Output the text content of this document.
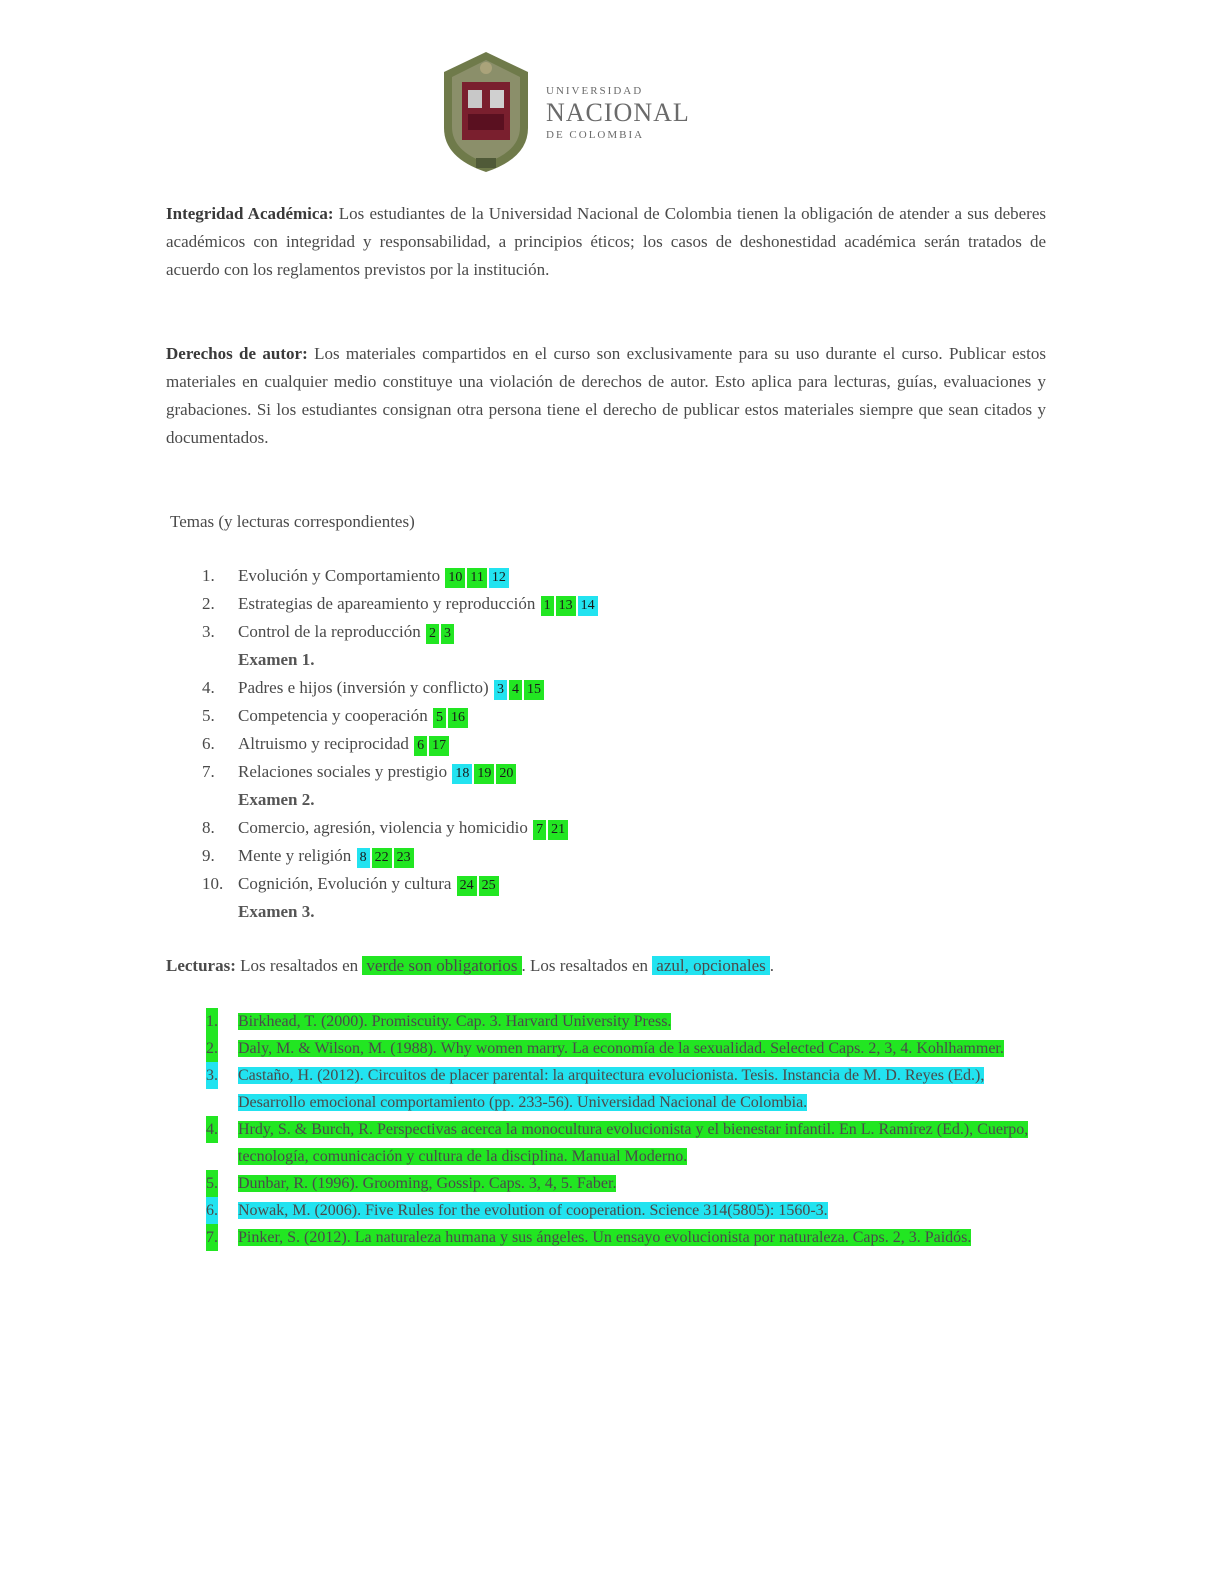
UNIVERSIDAD
NACIONAL
DE COLOMBIA

Integridad Académica: Los estudiantes de la Universidad Nacional de Colombia tienen la obligación de atender a sus deberes académicos con integridad y responsabilidad, a principios éticos; los casos de deshonestidad académica serán tratados de acuerdo con los reglamentos previstos por la institución.

Derechos de autor: Los materiales compartidos en el curso son exclusivamente para su uso durante el curso. Publicar estos materiales en cualquier medio constituye una violación de derechos de autor. Esto aplica para lecturas, guías, evaluaciones y grabaciones. Si los estudiantes consignan otra persona tiene el derecho de publicar estos materiales siempre que sean citados y documentados.

Temas (y lecturas correspondientes)

1.	Evolución y Comportamiento 10 11 12
2.	Estrategias de apareamiento y reproducción 1 13 14
3.	Control de la reproducción 2 3
Examen 1.
4.	Padres e hijos (inversión y conflicto) 3 4 15
5.	Competencia y cooperación 5 16
6.	Altruismo y reciprocidad 6 17
7.	Relaciones sociales y prestigio 18 19 20
Examen 2.
8.	Comercio, agresión, violencia y homicidio 7 21
9.	Mente y religión 8 22 23
10. Cognición, Evolución y cultura 24 25
Examen 3.

Lecturas: Los resaltados en verde son obligatorios . Los resaltados en azul, opcionales .

1. Birkhead, T. (2000). Promiscuity. Cap. 3. Harvard University Press.
2. Daly, M. & Wilson, M. (1988). Why women marry. La economía de la sexualidad. Selected Caps. 2, 3, 4. Kohlhammer.
3. Castaño, H. (2012). Circuitos de placer parental: la arquitectura evolucionista. Tesis. Instancia de M. D. Reyes (Ed.), Desarrollo emocional comportamiento (pp. 233-56). Universidad Nacional de Colombia.
4. Hrdy, S. & Burch, R. Perspectivas acerca la monocultura evolucionista y el bienestar infantil. En L. Ramírez (Ed.), Cuerpo, tecnología, comunicación y cultura de la disciplina. Manual Moderno.
5. Dunbar, R. (1996). Grooming, Gossip. Caps. 3, 4, 5. Faber.
6. Nowak, M. (2006). Five Rules for the evolution of cooperation. Science 314(5805): 1560-3.
7. Pinker, S. (2012). La naturaleza humana y sus ángeles. Un ensayo evolucionista por naturaleza. Caps. 2, 3. Paidós.
